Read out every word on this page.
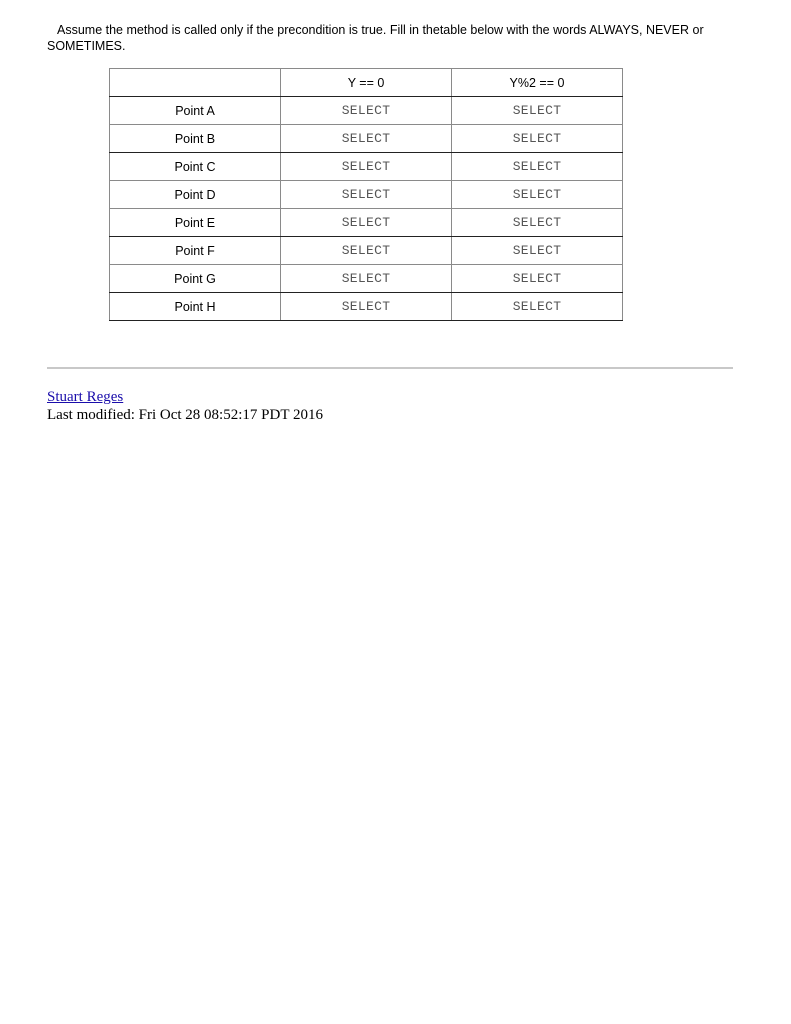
Assume the method is called only if the precondition is true. Fill in thetable below with the words ALWAYS, NEVER or SOMETIMES.
	Y == 0	Y%2 == 0
Point A	SELECT	SELECT
Point B	SELECT	SELECT
Point C	SELECT	SELECT
Point D	SELECT	SELECT
Point E	SELECT	SELECT
Point F	SELECT	SELECT
Point G	SELECT	SELECT
Point H	SELECT	SELECT
Stuart Reges
Last modified: Fri Oct 28 08:52:17 PDT 2016
